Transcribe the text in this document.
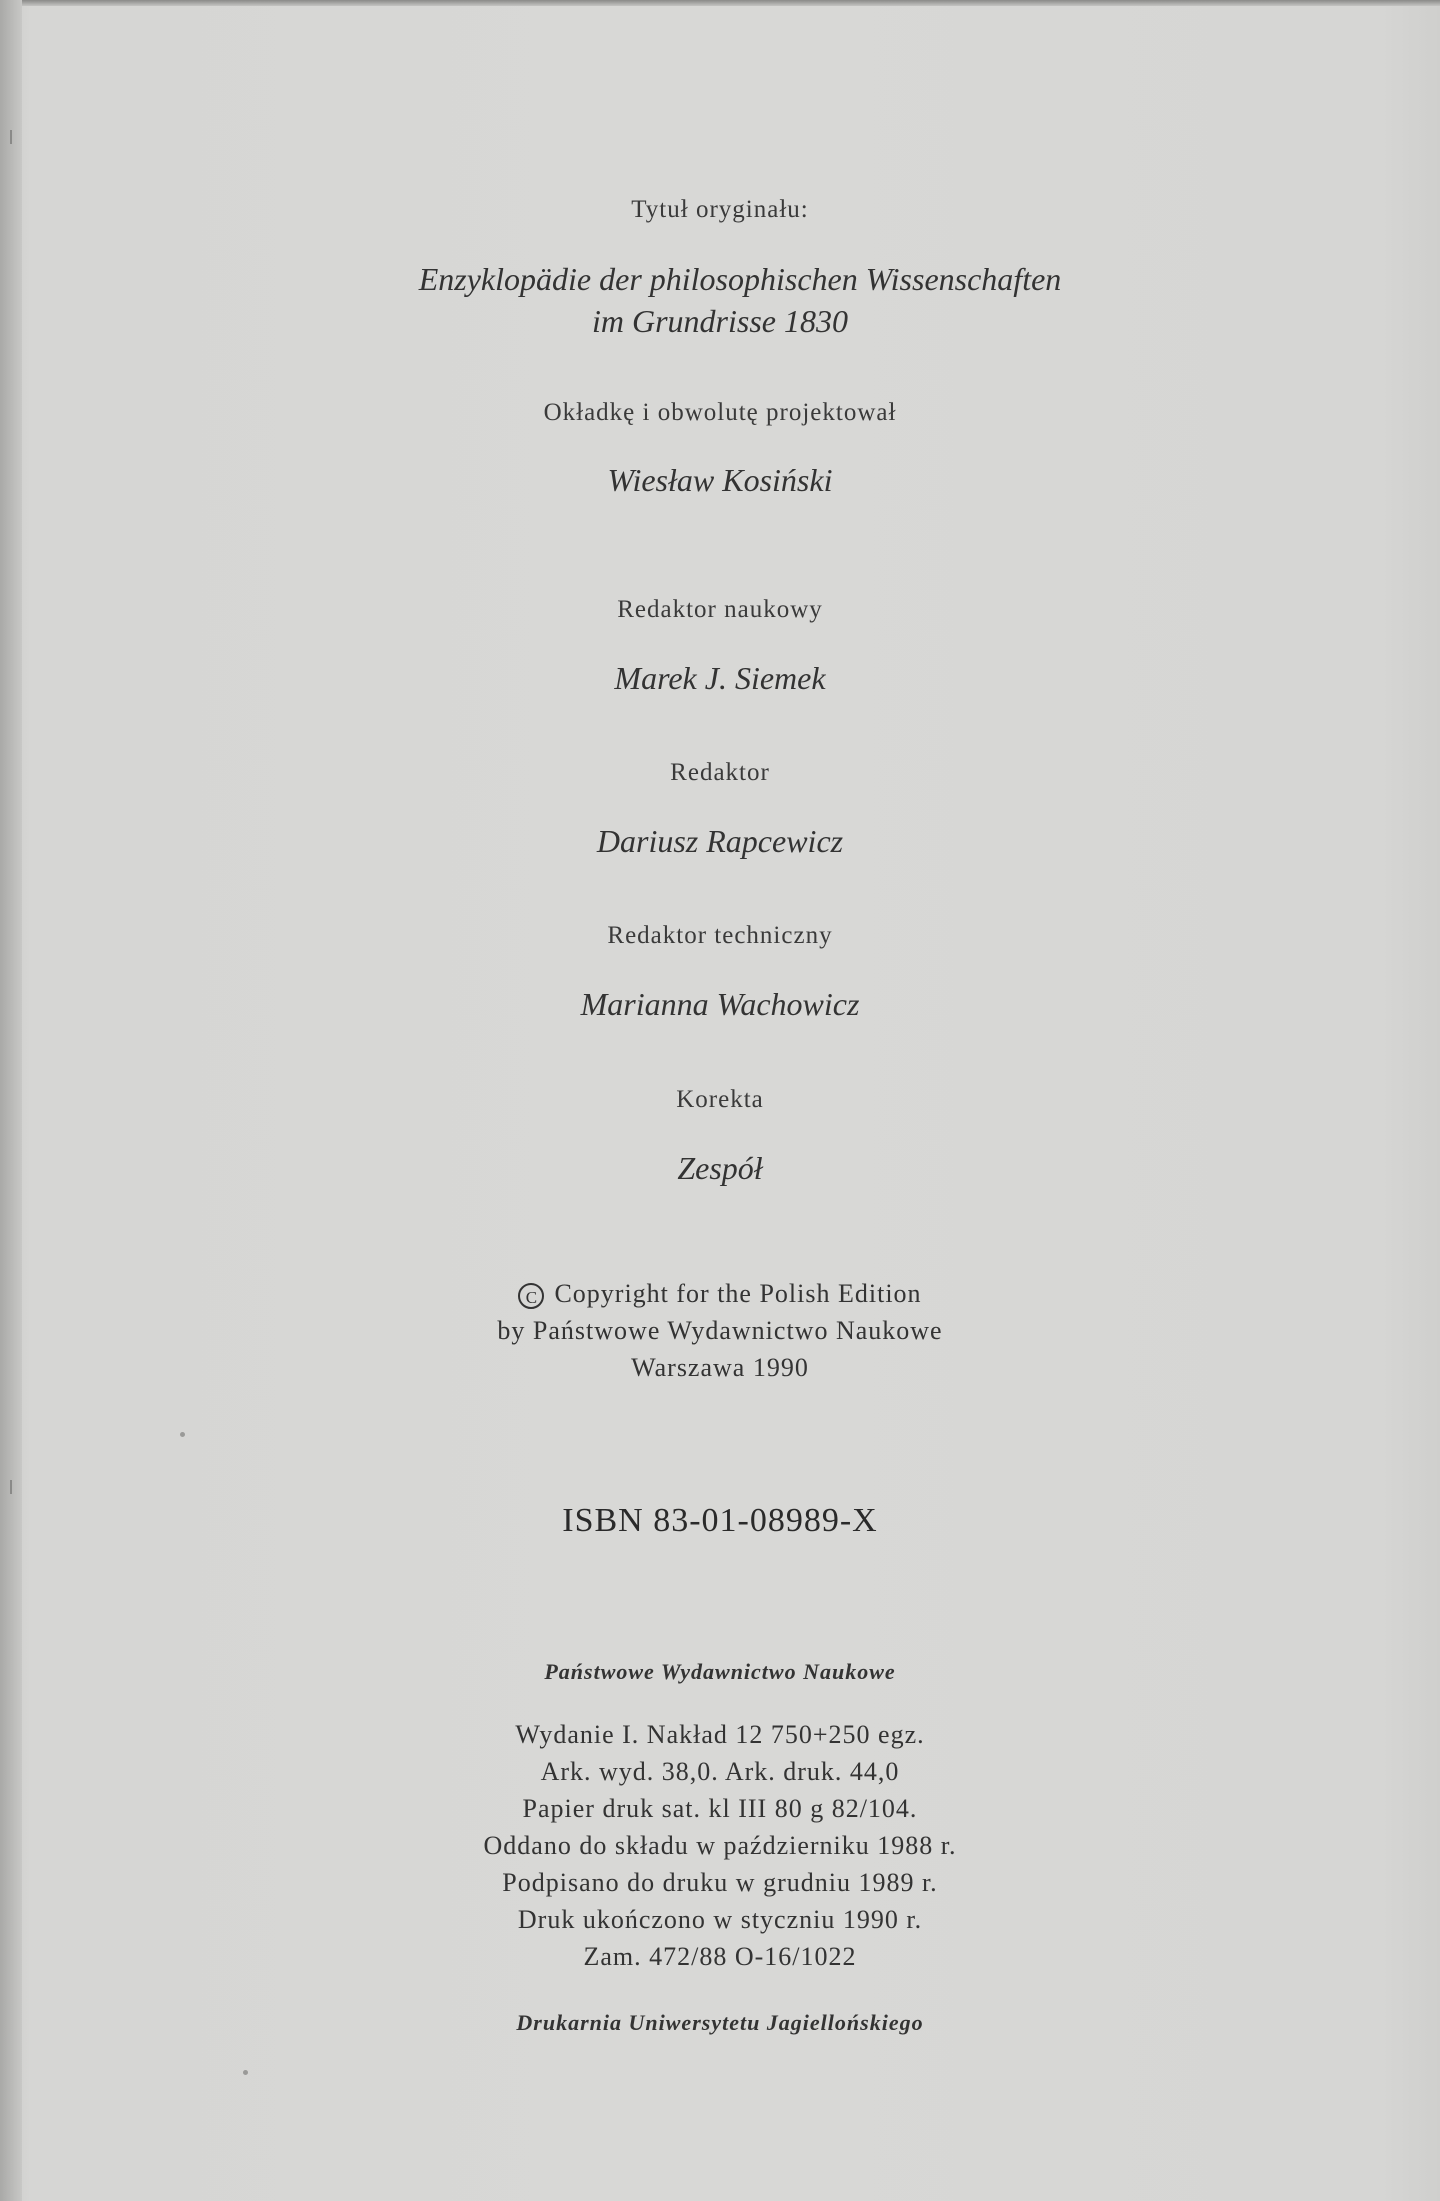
Tytuł oryginału:
Enzyklopädie der philosophischen Wissenschaften
im Grundrisse 1830
Okładkę i obwolutę projektował
Wiesław Kosiński
Redaktor naukowy
Marek J. Siemek
Redaktor
Dariusz Rapcewicz
Redaktor techniczny
Marianna Wachowicz
Korekta
Zespół
C Copyright for the Polish Edition
by Państwowe Wydawnictwo Naukowe
Warszawa 1990
ISBN 83-01-08989-X
Państwowe Wydawnictwo Naukowe
Wydanie I. Nakład 12 750+250 egz.
Ark. wyd. 38,0. Ark. druk. 44,0
Papier druk sat. kl III 80 g 82/104.
Oddano do składu w październiku 1988 r.
Podpisano do druku w grudniu 1989 r.
Druk ukończono w styczniu 1990 r.
Zam. 472/88 O-16/1022
Drukarnia Uniwersytetu Jagiellońskiego
